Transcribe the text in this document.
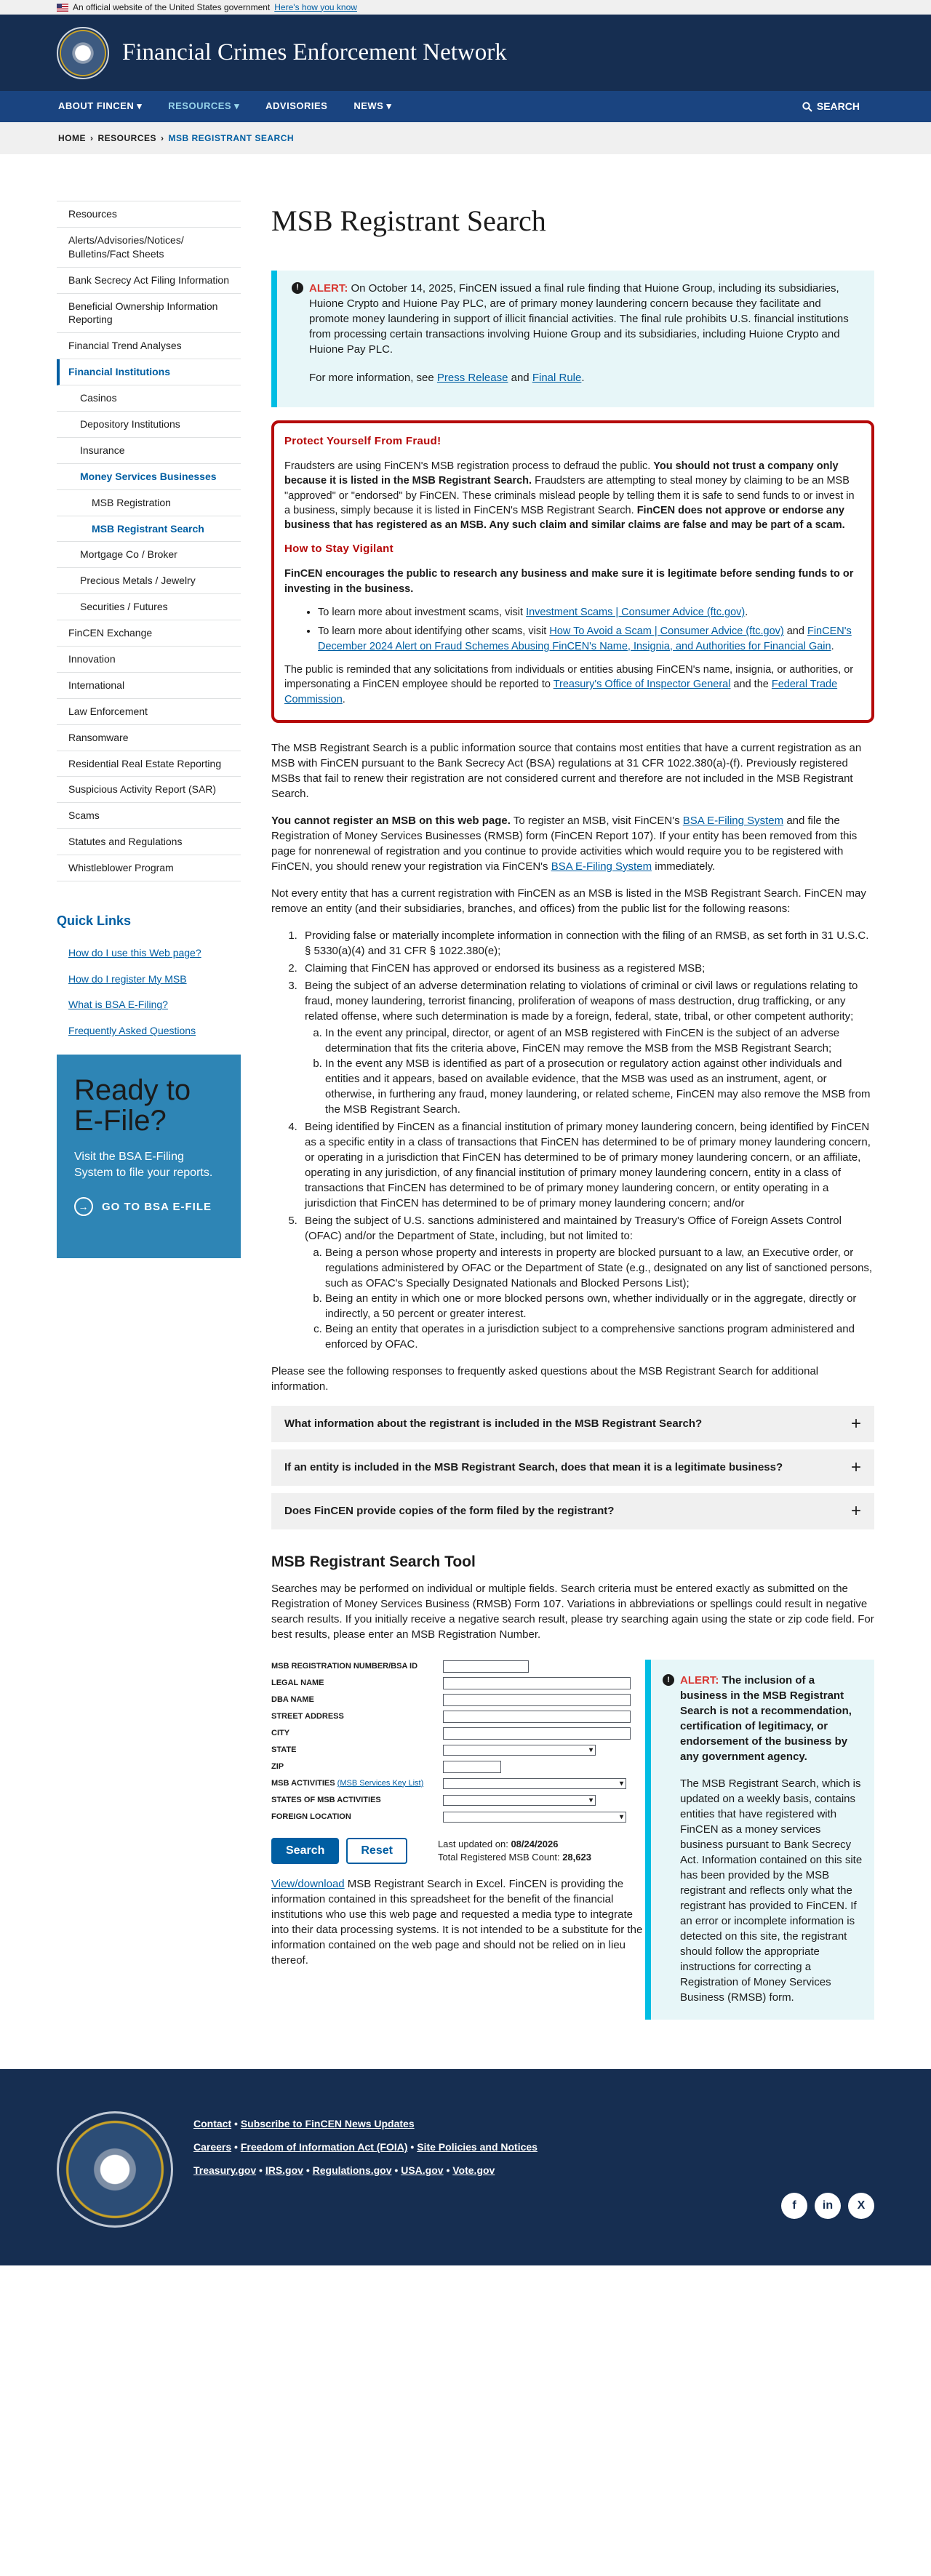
An official website of the United States government Here's how you know
Financial Crimes Enforcement Network
ABOUT FINCEN ▾	RESOURCES ▾	ADVISORIES	NEWS ▾	SEARCH
HOME › RESOURCES › MSB REGISTRANT SEARCH
Resources
Alerts/Advisories/Notices/ Bulletins/Fact Sheets
Bank Secrecy Act Filing Information
Beneficial Ownership Information Reporting
Financial Trend Analyses
Financial Institutions
Casinos
Depository Institutions
Insurance
Money Services Businesses
MSB Registration
MSB Registrant Search
Mortgage Co / Broker
Precious Metals / Jewelry
Securities / Futures
FinCEN Exchange
Innovation
International
Law Enforcement
Ransomware
Residential Real Estate Reporting
Suspicious Activity Report (SAR)
Scams
Statutes and Regulations
Whistleblower Program
Quick Links
How do I use this Web page?
How do I register My MSB
What is BSA E-Filing?
Frequently Asked Questions
Ready to E-File?

Visit the BSA E-Filing System to file your reports.

→	GO TO BSA E-FILE
MSB Registrant Search
! ALERT: On October 14, 2025, FinCEN issued a final rule finding that Huione Group, including its subsidiaries, Huione Crypto and Huione Pay PLC, are of primary money laundering concern because they facilitate and promote money laundering in support of illicit financial activities. The final rule prohibits U.S. financial institutions from processing certain transactions involving Huione Group and its subsidiaries, including Huione Crypto and Huione Pay PLC.

For more information, see Press Release and Final Rule.

Protect Yourself From Fraud!

Fraudsters are using FinCEN's MSB registration process to defraud the public. You should not trust a company only because it is listed in the MSB Registrant Search. Fraudsters are attempting to steal money by claiming to be an MSB "approved" or "endorsed" by FinCEN. These criminals mislead people by telling them it is safe to send funds to or invest in a business, simply because it is listed in FinCEN's MSB Registrant Search. FinCEN does not approve or endorse any business that has registered as an MSB. Any such claim and similar claims are false and may be part of a scam.

How to Stay Vigilant

FinCEN encourages the public to research any business and make sure it is legitimate before sending funds to or investing in the business.

• To learn more about investment scams, visit Investment Scams | Consumer Advice (ftc.gov).
• To learn more about identifying other scams, visit How To Avoid a Scam | Consumer Advice (ftc.gov) and FinCEN's December 2024 Alert on Fraud Schemes Abusing FinCEN's Name, Insignia, and Authorities for Financial Gain.

The public is reminded that any solicitations from individuals or entities abusing FinCEN's name, insignia, or authorities, or impersonating a FinCEN employee should be reported to Treasury's Office of Inspector General and the Federal Trade Commission.

The MSB Registrant Search is a public information source that contains most entities that have a current registration as an MSB with FinCEN pursuant to the Bank Secrecy Act (BSA) regulations at 31 CFR 1022.380(a)-(f). Previously registered MSBs that fail to renew their registration are not considered current and therefore are not included in the MSB Registrant Search.

You cannot register an MSB on this web page. To register an MSB, visit FinCEN's BSA E-Filing System and file the Registration of Money Services Businesses (RMSB) form (FinCEN Report 107). If your entity has been removed from this page for nonrenewal of registration and you continue to provide activities which would require you to be registered with FinCEN, you should renew your registration via FinCEN's BSA E-Filing System immediately.

Not every entity that has a current registration with FinCEN as an MSB is listed in the MSB Registrant Search. FinCEN may remove an entity (and their subsidiaries, branches, and offices) from the public list for the following reasons:

1. Providing false or materially incomplete information in connection with the filing of an RMSB, as set forth in 31 U.S.C. § 5330(a)(4) and 31 CFR § 1022.380(e);
2. Claiming that FinCEN has approved or endorsed its business as a registered MSB;
3. Being the subject of an adverse determination relating to violations of criminal or civil laws or regulations relating to fraud, money laundering, terrorist financing, proliferation of weapons of mass destruction, drug trafficking, or any related offense, where such determination is made by a foreign, federal, state, tribal, or other competent authority;
a. In the event any principal, director, or agent of an MSB registered with FinCEN is the subject of an adverse determination that fits the criteria above, FinCEN may remove the MSB from the MSB Registrant Search;
b. In the event any MSB is identified as part of a prosecution or regulatory action against other individuals and entities and it appears, based on available evidence, that the MSB was used as an instrument, agent, or otherwise, in furthering any fraud, money laundering, or related scheme, FinCEN may also remove the MSB from the MSB Registrant Search.
4. Being identified by FinCEN as a financial institution of primary money laundering concern, being identified by FinCEN as a specific entity in a class of transactions that FinCEN has determined to be of primary money laundering concern, or operating in a jurisdiction that FinCEN has determined to be of primary money laundering concern, or an affiliate, operating in any jurisdiction, of any financial institution of primary money laundering concern, entity in a class of transactions that FinCEN has determined to be of primary money laundering concern, or entity operating in a jurisdiction that FinCEN has determined to be of primary money laundering concern; and/or
5. Being the subject of U.S. sanctions administered and maintained by Treasury's Office of Foreign Assets Control (OFAC) and/or the Department of State, including, but not limited to:
a. Being a person whose property and interests in property are blocked pursuant to a law, an Executive order, or regulations administered by OFAC or the Department of State (e.g., designated on any list of sanctioned persons, such as OFAC's Specially Designated Nationals and Blocked Persons List);
b. Being an entity in which one or more blocked persons own, whether individually or in the aggregate, directly or indirectly, a 50 percent or greater interest.
c. Being an entity that operates in a jurisdiction subject to a comprehensive sanctions program administered and enforced by OFAC.

Please see the following responses to frequently asked questions about the MSB Registrant Search for additional information.

What information about the registrant is included in the MSB Registrant Search?	+
If an entity is included in the MSB Registrant Search, does that mean it is a legitimate business?	+
Does FinCEN provide copies of the form filed by the registrant?	+
MSB Registrant Search Tool

Searches may be performed on individual or multiple fields. Search criteria must be entered exactly as submitted on the Registration of Money Services Business (RMSB) Form 107. Variations in abbreviations or spellings could result in negative search results. If you initially receive a negative search result, please try searching again using the state or zip code field. For best results, please enter an MSB Registration Number.

MSB REGISTRATION NUMBER/BSA ID
LEGAL NAME
DBA NAME
STREET ADDRESS
CITY
STATE	▾
ZIP
MSB ACTIVITIES (MSB Services Key List)	▾
STATES OF MSB ACTIVITIES	▾
FOREIGN LOCATION	▾
Search	Reset
Last updated on: 08/24/2026
Total Registered MSB Count: 28,623

View/download MSB Registrant Search in Excel. FinCEN is providing the information contained in this spreadsheet for the benefit of the financial institutions who use this web page and requested a media type to integrate into their data processing systems. It is not intended to be a substitute for the information contained on the web page and should not be relied on in lieu thereof.

! ALERT: The inclusion of a business in the MSB Registrant Search is not a recommendation, certification of legitimacy, or endorsement of the business by any government agency.

The MSB Registrant Search, which is updated on a weekly basis, contains entities that have registered with FinCEN as a money services business pursuant to Bank Secrecy Act. Information contained on this site has been provided by the MSB registrant and reflects only what the registrant has provided to FinCEN. If an error or incomplete information is detected on this site, the registrant should follow the appropriate instructions for correcting a Registration of Money Services Business (RMSB) form.

Contact • Subscribe to FinCEN News Updates
Careers • Freedom of Information Act (FOIA) • Site Policies and Notices
Treasury.gov • IRS.gov • Regulations.gov • USA.gov • Vote.gov
f	in	X
